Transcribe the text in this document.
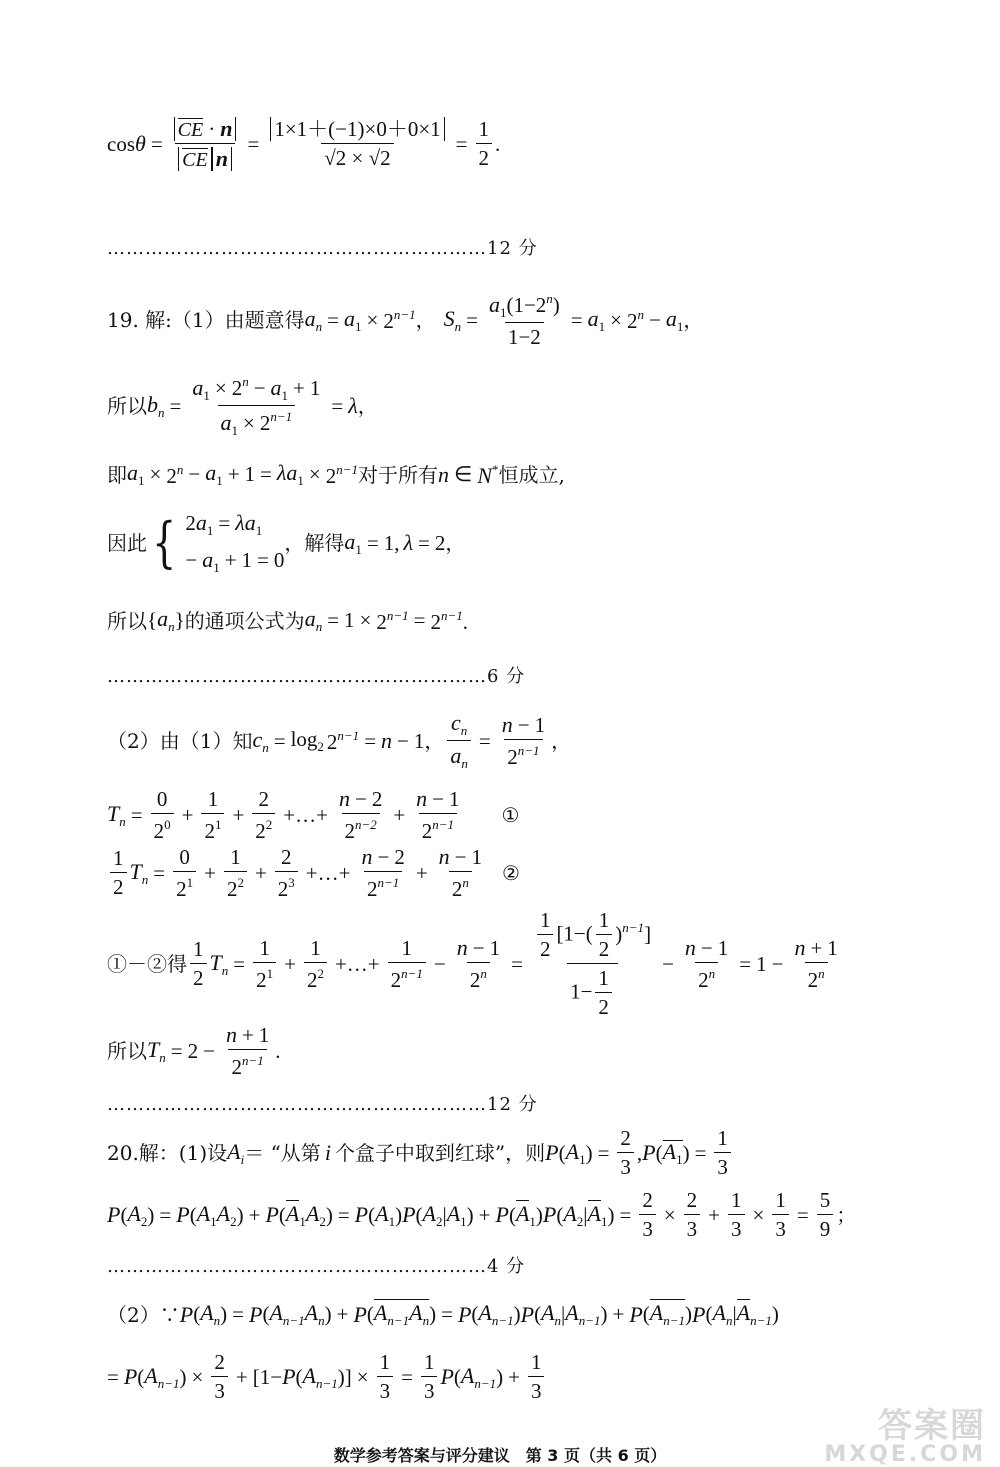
$\cos \theta = \frac{CE \cdot n}{\text{CE n}} = \frac{1\times 1+(-1)\times 0+0\times 1}{√2 \times √2} = \frac{1}{2}$ .
……………………………………………………12 分
19. 解:（1）由题意得 $a_n = a_1 \times 2^{n-1}$ ， $S_n = \frac{a_1(1-2^n)}{1-2} = a_1 \times 2^n - a_1$ ，
所以 $b_n = \frac{a_1 \times 2^n - a_1 + 1}{a_1 \times 2^{n-1}} = \lambda$ ，
即 $a_1 \times 2^n - a_1 + 1 = \lambda a_1 \times 2^{n-1}$ 对于所有 n ∈ N* 恒成立,
因此 { $2a_1 = \lambda a_1$
− $a_1 + 1 = 0$
，解得 $a_1 = 1$, λ = 2 ，
所以 { $a_n$ } 的通项公式为 $a_n = 1 \times 2^{n-1} = 2^{n-1}$.
……………………………………………………6 分
（2）由（1）知 $c_n = \log_2 2^{n-1} = n - 1$ ， $\frac{c_n}{a_n} = \frac{n - 1}{2^{n-1}}$ ，
$T_n = \frac{0}{2^0} + \frac{1}{2^1} + \frac{2}{2^2}$ +…+ $\frac{n - 2}{2^{n-2}} + \frac{n - 1}{2^{n-1}}$ ①
$\frac{1}{2} T_n = \frac{0}{2^1} + \frac{1}{2^2} + \frac{2}{2^3}$ +…+ $\frac{n - 2}{2^{n-1}} + \frac{n - 1}{2^n}$ ②
①－②得 $\frac{1}{2} T_n = \frac{1}{2^1} + \frac{1}{2^2}$ +…+ $\frac{1}{2^{n-1}} - \frac{n - 1}{2^n} = \frac{\frac{1}{2} [1-( \frac{1}{2} )^{n-1}]}{1- \frac{1}{2}} - \frac{n - 1}{2^n} = 1 - \frac{n + 1}{2^n}$
所以 $T_n = 2 - \frac{n + 1}{2^{n-1}}$ .
……………………………………………………12 分
20.解：(1)设 $A_i$ ＝ “从第 i 个盒子中取到红球”，则 P ( $A_1$ ) = $\frac{2}{3}$ , P ( $A_1$ ) = $\frac{1}{3}$
P ( $A_2$ ) = P ( $A_1A_2$ ) + P ( $A_1A_2$ ) = P ( $A_1$ ) P ( $A_2$ | $A_1$ ) + P ( $A_1$ ) P ( $A_2$ | $A_1$ ) = $\frac{2}{3} \times \frac{2}{3} + \frac{1}{3} \times \frac{1}{3} = \frac{5}{9}$ ；
……………………………………………………4 分
（2）∵ P ( $A_n$ ) = P ( $A_{n-1}A_n$ ) + P ( $A_{n-1}A_n$ ) = P ( $A_{n-1}$ ) P ( $A_n$ | $A_{n-1}$ ) + P ( $A_{n-1}$ ) P ( $A_n$ | $A_{n-1}$ )
= P ( $A_{n-1}$ ) × $\frac{2}{3} + [1- P$ ( $A_{n-1}$ )] × $\frac{1}{3} = \frac{1}{3}$ P ( $A_{n-1}$ ) + $\frac{1}{3}$
数学参考答案与评分建议　第 3 页（共 6 页）
答案圈
MXQE.COM
